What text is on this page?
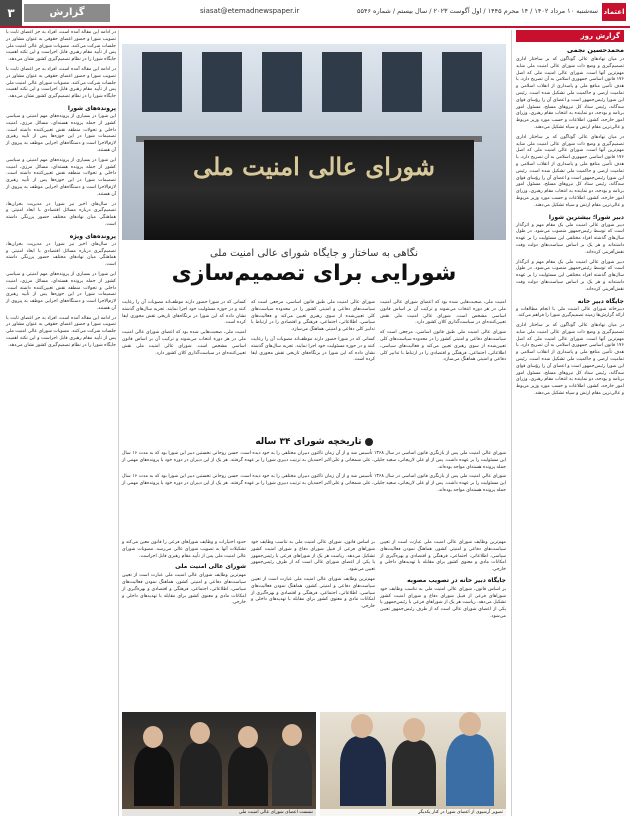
۳	گزارش	siasat@etemadnewspaper.ir	سه‌شنبه ۱۰ مرداد ۱۴۰۲ / ۱۴ محرم ۱۴۴۵ / اول آگوست ۲۰۲۳ / سال بیستم / شماره ۵۵۴۶ اعتماد
گزارش روز
محمدحسین نجمی
در میان نهادهای عالی گوناگون که بر ساختار اداری تصمیم‌گیری و وضع ذات شورای عالی امنیت ملی شاید مهم‌ترین آنها است. شورای عالی امنیت ملی که اصل ۱۷۶ قانون اساسی جمهوری اسلامی به آن تصریح دارد، با هدف تأمین منافع ملی و پاسداری از انقلاب اسلامی و تمامیت ارضی و حاکمیت ملی تشکیل شده است. رئیس این شورا رئیس‌جمهور است و اعضای آن را رؤسای قوای سه‌گانه، رئیس ستاد کل نیروهای مسلح، مسئول امور برنامه و بودجه، دو نماینده به انتخاب مقام رهبری، وزرای امور خارجه، کشور، اطلاعات و حسب مورد وزیر مربوط و عالی‌ترین مقام ارتش و سپاه تشکیل می‌دهند.
در میان نهادهای عالی گوناگون که بر ساختار اداری تصمیم‌گیری و وضع ذات شورای عالی امنیت ملی شاید مهم‌ترین آنها است. شورای عالی امنیت ملی که اصل ۱۷۶ قانون اساسی جمهوری اسلامی به آن تصریح دارد، با هدف تأمین منافع ملی و پاسداری از انقلاب اسلامی و تمامیت ارضی و حاکمیت ملی تشکیل شده است. رئیس این شورا رئیس‌جمهور است و اعضای آن را رؤسای قوای سه‌گانه، رئیس ستاد کل نیروهای مسلح، مسئول امور برنامه و بودجه، دو نماینده به انتخاب مقام رهبری، وزرای امور خارجه، کشور، اطلاعات و حسب مورد وزیر مربوط و عالی‌ترین مقام ارتش و سپاه تشکیل می‌دهند.
دبیر شورا؛ بیشترین شورا
دبیر شورای عالی امنیت ملی یک مقام مهم و اثرگذار است که توسط رئیس‌جمهور منصوب می‌شود. در طول سال‌های گذشته افراد مختلفی این مسئولیت را بر عهده داشته‌اند و هر یک بر اساس سیاست‌های دولت وقت نقش‌آفرینی کرده‌اند.
دبیر شورای عالی امنیت ملی یک مقام مهم و اثرگذار است که توسط رئیس‌جمهور منصوب می‌شود. در طول سال‌های گذشته افراد مختلفی این مسئولیت را بر عهده داشته‌اند و هر یک بر اساس سیاست‌های دولت وقت نقش‌آفرینی کرده‌اند.
جایگاه دبیر خانه
دبیرخانه شورای عالی امنیت ملی با انجام مطالعات و ارائه گزارش‌ها زمینه تصمیم‌گیری شورا را فراهم می‌کند.
در میان نهادهای عالی گوناگون که بر ساختار اداری تصمیم‌گیری و وضع ذات شورای عالی امنیت ملی شاید مهم‌ترین آنها است. شورای عالی امنیت ملی که اصل ۱۷۶ قانون اساسی جمهوری اسلامی به آن تصریح دارد، با هدف تأمین منافع ملی و پاسداری از انقلاب اسلامی و تمامیت ارضی و حاکمیت ملی تشکیل شده است. رئیس این شورا رئیس‌جمهور است و اعضای آن را رؤسای قوای سه‌گانه، رئیس ستاد کل نیروهای مسلح، مسئول امور برنامه و بودجه، دو نماینده به انتخاب مقام رهبری، وزرای امور خارجه، کشور، اطلاعات و حسب مورد وزیر مربوط و عالی‌ترین مقام ارتش و سپاه تشکیل می‌دهند.
در ادامه این مقاله آمده است، افراد به جز اعضای ثابت با تصویب شورا و حضور اعضای حقوقی به عنوان مشاور در جلسات شرکت می‌کنند. مصوبات شورای عالی امنیت ملی پس از تأیید مقام رهبری قابل اجراست و این نکته اهمیت جایگاه شورا را در نظام تصمیم‌گیری کشور نشان می‌دهد.
در ادامه این مقاله آمده است، افراد به جز اعضای ثابت با تصویب شورا و حضور اعضای حقوقی به عنوان مشاور در جلسات شرکت می‌کنند. مصوبات شورای عالی امنیت ملی پس از تأیید مقام رهبری قابل اجراست و این نکته اهمیت جایگاه شورا را در نظام تصمیم‌گیری کشور نشان می‌دهد.
پرونده‌های شورا
این شورا در بسیاری از پرونده‌های مهم امنیتی و سیاسی کشور از جمله پرونده هسته‌ای، مسائل مرزی، امنیت داخلی و تحولات منطقه نقش تعیین‌کننده داشته است. تصمیمات شورا در این حوزه‌ها پس از تأیید رهبری لازم‌الاجرا است و دستگاه‌های اجرایی موظف به پیروی از آن هستند.
این شورا در بسیاری از پرونده‌های مهم امنیتی و سیاسی کشور از جمله پرونده هسته‌ای، مسائل مرزی، امنیت داخلی و تحولات منطقه نقش تعیین‌کننده داشته است. تصمیمات شورا در این حوزه‌ها پس از تأیید رهبری لازم‌الاجرا است و دستگاه‌های اجرایی موظف به پیروی از آن هستند.
در سال‌های اخیر نیز شورا در مدیریت بحران‌ها، تصمیم‌گیری درباره مسائل اقتصادی با ابعاد امنیتی و هماهنگی میان نهادهای مختلف حضور پررنگی داشته است.
پرونده‌های ویژه
در سال‌های اخیر نیز شورا در مدیریت بحران‌ها، تصمیم‌گیری درباره مسائل اقتصادی با ابعاد امنیتی و هماهنگی میان نهادهای مختلف حضور پررنگی داشته است.
این شورا در بسیاری از پرونده‌های مهم امنیتی و سیاسی کشور از جمله پرونده هسته‌ای، مسائل مرزی، امنیت داخلی و تحولات منطقه نقش تعیین‌کننده داشته است. تصمیمات شورا در این حوزه‌ها پس از تأیید رهبری لازم‌الاجرا است و دستگاه‌های اجرایی موظف به پیروی از آن هستند.
در ادامه این مقاله آمده است، افراد به جز اعضای ثابت با تصویب شورا و حضور اعضای حقوقی به عنوان مشاور در جلسات شرکت می‌کنند. مصوبات شورای عالی امنیت ملی پس از تأیید مقام رهبری قابل اجراست و این نکته اهمیت جایگاه شورا را در نظام تصمیم‌گیری کشور نشان می‌دهد.
شورای عالی امنیت ملی
نگاهی به ساختار و جایگاه شورای عالی امنیت ملی
شورایی برای تصمیم‌سازی
امنیت ملی، صحبت‌هایی شده بود که اعضای شورای عالی امنیت ملی در هر دوره انتخاب می‌شوند و ترکیب آن بر اساس قانون اساسی مشخص است. شورای عالی امنیت ملی نقش تعیین‌کننده‌ای در سیاست‌گذاری کلان کشور دارد.
شورای عالی امنیت ملی طبق قانون اساسی، مرجعی است که سیاست‌های دفاعی و امنیتی کشور را در محدوده سیاست‌های کلی تعیین‌شده از سوی رهبری تعیین می‌کند و فعالیت‌های سیاسی، اطلاعاتی، اجتماعی، فرهنگی و اقتصادی را در ارتباط با تدابیر کلی دفاعی و امنیتی هماهنگ می‌سازد.
شورای عالی امنیت ملی طبق قانون اساسی، مرجعی است که سیاست‌های دفاعی و امنیتی کشور را در محدوده سیاست‌های کلی تعیین‌شده از سوی رهبری تعیین می‌کند و فعالیت‌های سیاسی، اطلاعاتی، اجتماعی، فرهنگی و اقتصادی را در ارتباط با تدابیر کلی دفاعی و امنیتی هماهنگ می‌سازد.
کسانی که در شورا حضور دارند موظف‌اند مصوبات آن را رعایت کنند و در حوزه مسئولیت خود اجرا نمایند. تجربه سال‌های گذشته نشان داده که این شورا در بزنگاه‌های تاریخی نقش محوری ایفا کرده است.
کسانی که در شورا حضور دارند موظف‌اند مصوبات آن را رعایت کنند و در حوزه مسئولیت خود اجرا نمایند. تجربه سال‌های گذشته نشان داده که این شورا در بزنگاه‌های تاریخی نقش محوری ایفا کرده است.
امنیت ملی، صحبت‌هایی شده بود که اعضای شورای عالی امنیت ملی در هر دوره انتخاب می‌شوند و ترکیب آن بر اساس قانون اساسی مشخص است. شورای عالی امنیت ملی نقش تعیین‌کننده‌ای در سیاست‌گذاری کلان کشور دارد.
تاریخچه شورای ۳۴ ساله
شورای عالی امنیت ملی پس از بازنگری قانون اساسی در سال ۱۳۶۸ تأسیس شد و از آن زمان تاکنون دبیران مختلفی را به خود دیده است. حسن روحانی نخستین دبیر این شورا بود که به مدت ۱۶ سال این مسئولیت را بر عهده داشت. پس از او علی لاریجانی، سعید جلیلی، علی شمخانی و علی‌اکبر احمدیان به ترتیب دبیری شورا را بر عهده گرفتند. هر یک از این دبیران در دوره خود با پرونده‌های مهمی از جمله پرونده هسته‌ای مواجه بوده‌اند.
شورای عالی امنیت ملی پس از بازنگری قانون اساسی در سال ۱۳۶۸ تأسیس شد و از آن زمان تاکنون دبیران مختلفی را به خود دیده است. حسن روحانی نخستین دبیر این شورا بود که به مدت ۱۶ سال این مسئولیت را بر عهده داشت. پس از او علی لاریجانی، سعید جلیلی، علی شمخانی و علی‌اکبر احمدیان به ترتیب دبیری شورا را بر عهده گرفتند. هر یک از این دبیران در دوره خود با پرونده‌های مهمی از جمله پرونده هسته‌ای مواجه بوده‌اند.
مهم‌ترین وظایف شورای عالی امنیت ملی عبارت است از تعیین سیاست‌های دفاعی و امنیتی کشور، هماهنگ نمودن فعالیت‌های سیاسی، اطلاعاتی، اجتماعی، فرهنگی و اقتصادی و بهره‌گیری از امکانات مادی و معنوی کشور برای مقابله با تهدیدهای داخلی و خارجی.
جایگاه دبیر خانه در تصویب مصوبه
بر اساس قانون، شورای عالی امنیت ملی به تناسب وظایف خود شوراهای فرعی از قبیل شورای دفاع و شورای امنیت کشور تشکیل می‌دهد. ریاست هر یک از شوراهای فرعی با رئیس‌جمهور یا یکی از اعضای شورای عالی است که از طرف رئیس‌جمهور تعیین می‌شود.
بر اساس قانون، شورای عالی امنیت ملی به تناسب وظایف خود شوراهای فرعی از قبیل شورای دفاع و شورای امنیت کشور تشکیل می‌دهد. ریاست هر یک از شوراهای فرعی با رئیس‌جمهور یا یکی از اعضای شورای عالی است که از طرف رئیس‌جمهور تعیین می‌شود.
مهم‌ترین وظایف شورای عالی امنیت ملی عبارت است از تعیین سیاست‌های دفاعی و امنیتی کشور، هماهنگ نمودن فعالیت‌های سیاسی، اطلاعاتی، اجتماعی، فرهنگی و اقتصادی و بهره‌گیری از امکانات مادی و معنوی کشور برای مقابله با تهدیدهای داخلی و خارجی.
حدود اختیارات و وظایف شوراهای فرعی را قانون معین می‌کند و تشکیلات آنها به تصویب شورای عالی می‌رسد. مصوبات شورای عالی امنیت ملی پس از تأیید مقام رهبری قابل اجراست.
شورای عالی امنیت ملی
مهم‌ترین وظایف شورای عالی امنیت ملی عبارت است از تعیین سیاست‌های دفاعی و امنیتی کشور، هماهنگ نمودن فعالیت‌های سیاسی، اطلاعاتی، اجتماعی، فرهنگی و اقتصادی و بهره‌گیری از امکانات مادی و معنوی کشور برای مقابله با تهدیدهای داخلی و خارجی.
تصویر آرشیوی از اعضای شورا در کنار یکدیگر
نشست اعضای شورای عالی امنیت ملی
